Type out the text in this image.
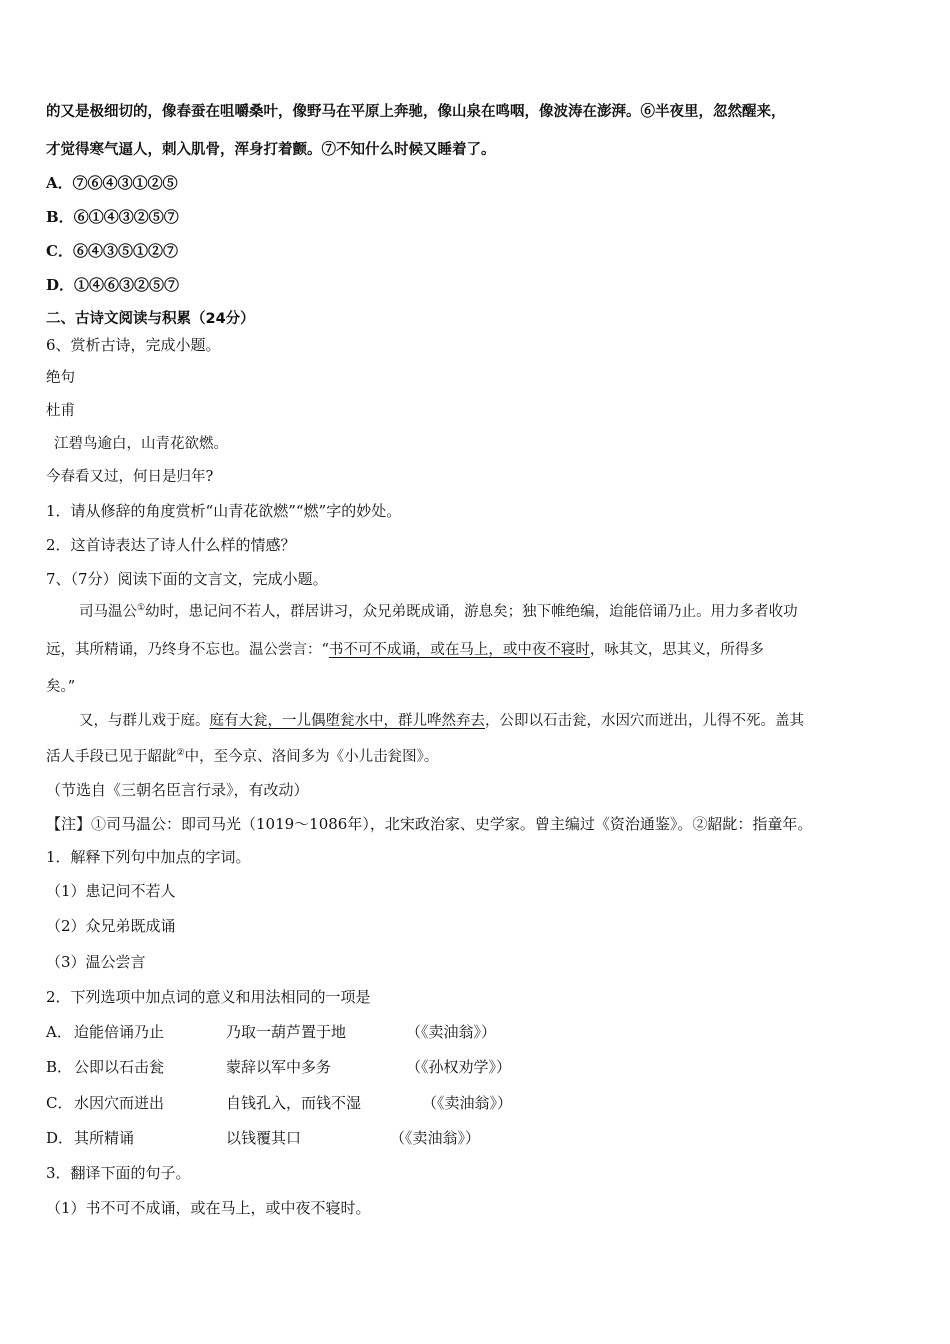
的又是极细切的，像春蚕在咀嚼桑叶，像野马在平原上奔驰，像山泉在鸣咽，像波涛在澎湃。⑥半夜里，忽然醒来，
才觉得寒气逼人，刺入肌骨，浑身打着颤。⑦不知什么时候又睡着了。
A．⑦⑥④③①②⑤
B．⑥①④③②⑤⑦
C．⑥④③⑤①②⑦
D．①④⑥③②⑤⑦
二、古诗文阅读与积累（24分）
6、赏析古诗，完成小题。
绝句
杜甫
江碧鸟逾白，山青花欲燃。
今春看又过，何日是归年?
1．请从修辞的角度赏析“山青花欲燃”“燃”字的妙处。
2．这首诗表达了诗人什么样的情感？
7、（7分）阅读下面的文言文，完成小题。
司马温公①幼时，患记问不若人，群居讲习，众兄弟既成诵，游息矣；独下帷绝编，迨能倍诵乃止。用力多者收功
远，其所精诵，乃终身不忘也。温公尝言：“书不可不成诵，或在马上，或中夜不寝时，咏其文，思其义，所得多
矣。”
又，与群儿戏于庭。庭有大瓮，一儿偶堕瓮水中，群儿哗然弃去，公即以石击瓮，水因穴而迸出，儿得不死。盖其
活人手段已见于龆龀②中，至今京、洛间多为《小儿击瓮图》。
（节选自《三朝名臣言行录》，有改动）
【注】①司马温公：即司马光（1019～1086年），北宋政治家、史学家。曾主编过《资治通鉴》。②龆龀：指童年。
1．解释下列句中加点的字词。
（1）患记问不若人
（2）众兄弟既成诵
（3）温公尝言
2．下列选项中加点词的意义和用法相同的一项是
A． 迨能倍诵乃止	乃取一葫芦置于地	（《卖油翁》）
B． 公即以石击瓮	蒙辞以军中多务	（《孙权劝学》）
C． 水因穴而迸出	自钱孔入，而钱不湿	（《卖油翁》）
D． 其所精诵	以钱覆其口	（《卖油翁》）
3．翻译下面的句子。
（1）书不可不成诵，或在马上，或中夜不寝时。
